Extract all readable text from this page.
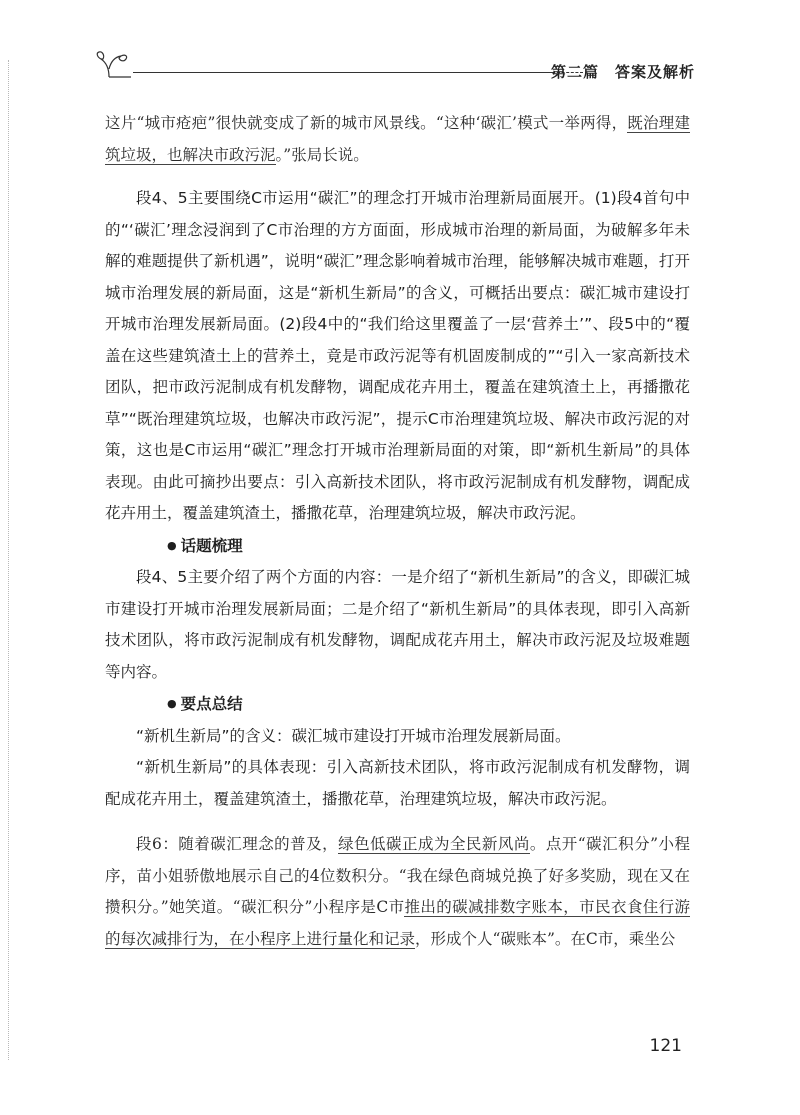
第二篇　答案及解析

这片“城市疮疤”很快就变成了新的城市风景线。“这种‘碳汇’模式一举两得，既治理建筑垃圾，也解决市政污泥。”张局长说。

段4、5主要围绕C市运用“碳汇”的理念打开城市治理新局面展开。(1)段4首句中的“‘碳汇’理念浸润到了C市治理的方方面面，形成城市治理的新局面，为破解多年未解的难题提供了新机遇”，说明“碳汇”理念影响着城市治理，能够解决城市难题，打开城市治理发展的新局面，这是“新机生新局”的含义，可概括出要点：碳汇城市建设打开城市治理发展新局面。(2)段4中的“我们给这里覆盖了一层‘营养土’”、段5中的“覆盖在这些建筑渣土上的营养土，竟是市政污泥等有机固废制成的”“引入一家高新技术团队，把市政污泥制成有机发酵物，调配成花卉用土，覆盖在建筑渣土上，再播撒花草”“既治理建筑垃圾，也解决市政污泥”，提示C市治理建筑垃圾、解决市政污泥的对策，这也是C市运用“碳汇”理念打开城市治理新局面的对策，即“新机生新局”的具体表现。由此可摘抄出要点：引入高新技术团队，将市政污泥制成有机发酵物，调配成花卉用土，覆盖建筑渣土，播撒花草，治理建筑垃圾，解决市政污泥。

● 话题梳理

段4、5主要介绍了两个方面的内容：一是介绍了“新机生新局”的含义，即碳汇城市建设打开城市治理发展新局面；二是介绍了“新机生新局”的具体表现，即引入高新技术团队，将市政污泥制成有机发酵物，调配成花卉用土，解决市政污泥及垃圾难题等内容。

● 要点总结

“新机生新局”的含义：碳汇城市建设打开城市治理发展新局面。

“新机生新局”的具体表现：引入高新技术团队，将市政污泥制成有机发酵物，调配成花卉用土，覆盖建筑渣土，播撒花草，治理建筑垃圾，解决市政污泥。

段6：随着碳汇理念的普及，绿色低碳正成为全民新风尚。点开“碳汇积分”小程序，苗小姐骄傲地展示自己的4位数积分。“我在绿色商城兑换了好多奖励，现在又在攒积分。”她笑道。“碳汇积分”小程序是C市推出的碳减排数字账本，市民衣食住行游的每次减排行为，在小程序上进行量化和记录，形成个人“碳账本”。在C市，乘坐公

121
